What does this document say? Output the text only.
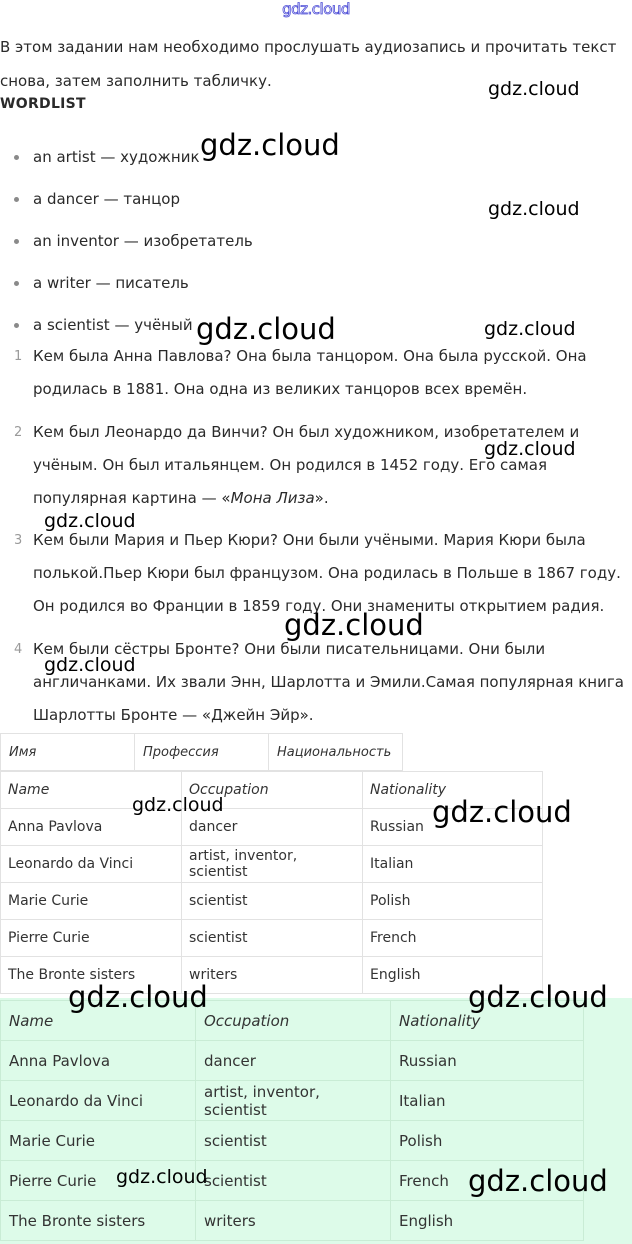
gdz.cloud
В этом задании нам необходимо прослушать аудиозапись и прочитать текст снова, затем заполнить табличку.
WORDLIST
an artist — художник
a dancer — танцор
an inventor — изобретатель
a writer — писатель
a scientist — учёный
1 Кем была Анна Павлова? Она была танцором. Она была русской. Она родилась в 1881. Она одна из великих танцоров всех времён.
2 Кем был Леонардо да Винчи? Он был художником, изобретателем и учёным. Он был итальянцем. Он родился в 1452 году. Его самая популярная картина — «Мона Лиза».
3 Кем были Мария и Пьер Кюри? Они были учёными. Мария Кюри была полькой.Пьер Кюри был французом. Она родилась в Польше в 1867 году. Он родился во Франции в 1859 году. Они знамениты открытием радия.
4 Кем были сёстры Бронте? Они были писательницами. Они были англичанками. Их звали Энн, Шарлотта и Эмили.Самая популярная книга Шарлотты Бронте — «Джейн Эйр».
Имя	Профессия	Национальность
Name	Occupation	Nationality
Anna Pavlova	dancer	Russian
Leonardo da Vinci	artist, inventor, scientist	Italian
Marie Curie	scientist	Polish
Pierre Curie	scientist	French
The Bronte sisters	writers	English
Name	Occupation	Nationality
Anna Pavlova	dancer	Russian
Leonardo da Vinci	artist, inventor, scientist	Italian
Marie Curie	scientist	Polish
Pierre Curie	scientist	French
The Bronte sisters	writers	English
gdz.cloud
gdz.cloud
gdz.cloud
gdz.cloud	gdz.cloud
gdz.cloud
gdz.cloud
gdz.cloud
gdz.cloud
gdz.cloud	gdz.cloud
gdz.cloud	gdz.cloud
gdz.cloud	gdz.cloud
